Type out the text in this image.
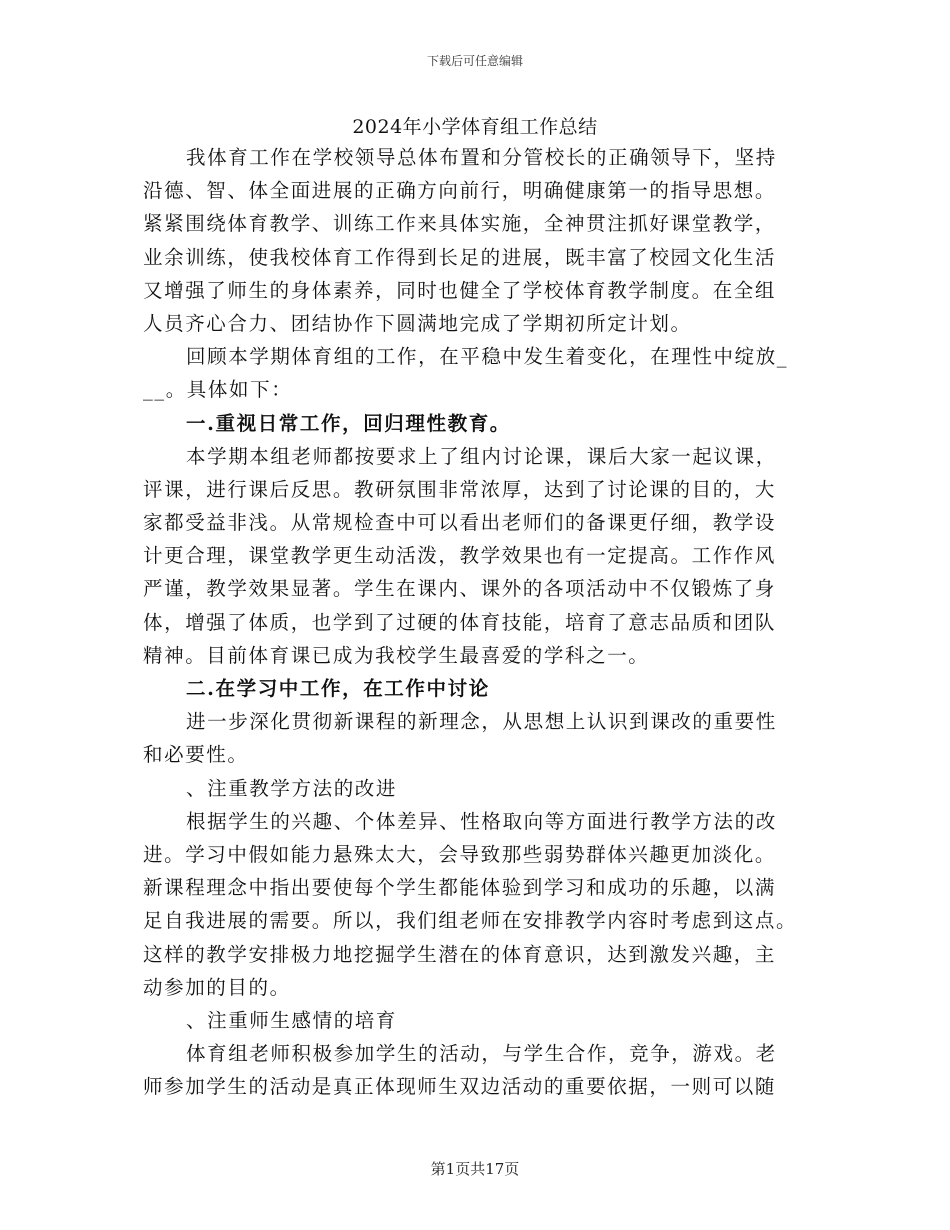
下载后可任意编辑
2024年小学体育组工作总结
我体育工作在学校领导总体布置和分管校长的正确领导下，坚持
沿德、智、体全面进展的正确方向前行，明确健康第一的指导思想。
紧紧围绕体育教学、训练工作来具体实施，全神贯注抓好课堂教学，
业余训练，使我校体育工作得到长足的进展，既丰富了校园文化生活
又增强了师生的身体素养，同时也健全了学校体育教学制度。在全组
人员齐心合力、团结协作下圆满地完成了学期初所定计划。
回顾本学期体育组的工作，在平稳中发生着变化，在理性中绽放_
__。具体如下：
一.重视日常工作，回归理性教育。
本学期本组老师都按要求上了组内讨论课，课后大家一起议课，
评课，进行课后反思。教研氛围非常浓厚，达到了讨论课的目的，大
家都受益非浅。从常规检查中可以看出老师们的备课更仔细，教学设
计更合理，课堂教学更生动活泼，教学效果也有一定提高。工作作风
严谨，教学效果显著。学生在课内、课外的各项活动中不仅锻炼了身
体，增强了体质，也学到了过硬的体育技能，培育了意志品质和团队
精神。目前体育课已成为我校学生最喜爱的学科之一。
二.在学习中工作，在工作中讨论
进一步深化贯彻新课程的新理念，从思想上认识到课改的重要性
和必要性。
、注重教学方法的改进
根据学生的兴趣、个体差异、性格取向等方面进行教学方法的改
进。学习中假如能力悬殊太大，会导致那些弱势群体兴趣更加淡化。
新课程理念中指出要使每个学生都能体验到学习和成功的乐趣，以满
足自我进展的需要。所以，我们组老师在安排教学内容时考虑到这点。
这样的教学安排极力地挖掘学生潜在的体育意识，达到激发兴趣，主
动参加的目的。
、注重师生感情的培育
体育组老师积极参加学生的活动，与学生合作，竞争，游戏。老
师参加学生的活动是真正体现师生双边活动的重要依据，一则可以随
第1页共17页
